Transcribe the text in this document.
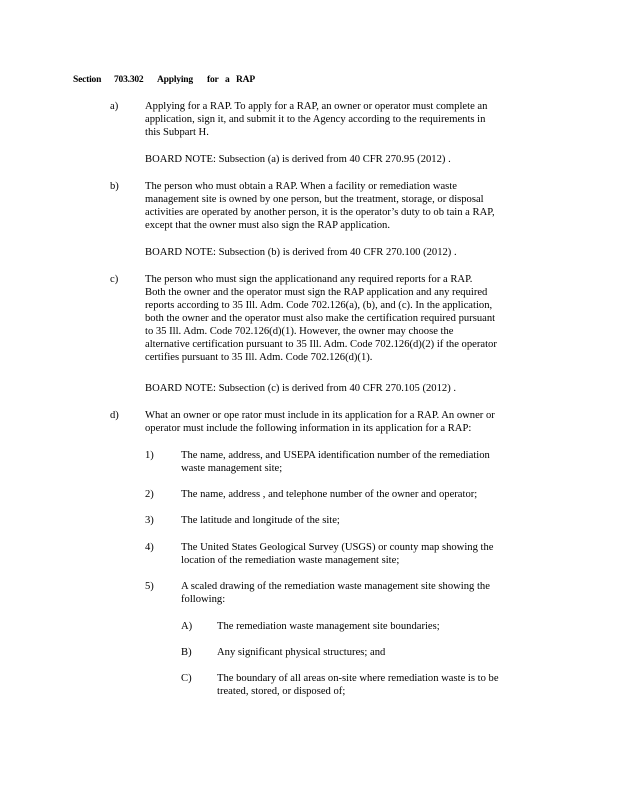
Section 703.302 Applying for a RAP
a)	Applying for a RAP. To apply for a RAP, an owner or operator must complete an
application, sign it, and submit it to the Agency according to the requirements in
this Subpart H.
BOARD NOTE: Subsection (a) is derived from 40 CFR 270.95 (2012) .
b) The person who must obtain a RAP. When a facility or remediation waste
management site is owned by one person, but the treatment, storage, or disposal
activities are operated by another person, it is the operator’s duty to ob tain a RAP,
except that the owner must also sign the RAP application.
BOARD NOTE: Subsection (b) is derived from 40 CFR 270.100 (2012) .
c)	The person who must sign the applicationand any required reports for a RAP.
Both the owner and the operator must sign the RAP application and any required
reports according to 35 Ill. Adm. Code 702.126(a), (b), and (c). In the application,
both the owner and the operator must also make the certification required pursuant
to 35 Ill. Adm. Code 702.126(d)(1). However, the owner may choose the
alternative certification pursuant to 35 Ill. Adm. Code 702.126(d)(2) if the operator
certifies pursuant to 35 Ill. Adm. Code 702.126(d)(1).
BOARD NOTE: Subsection (c) is derived from 40 CFR 270.105 (2012) .
d) What an owner or ope rator must include in its application for a RAP. An owner or
operator must include the following information in its application for a RAP:
1)	The name, address, and USEPA identification number of the remediation
waste management site;
2)	The name, address , and telephone number of the owner and operator;
3)	The latitude and longitude of the site;
4)	The United States Geological Survey (USGS) or county map showing the
location of the remediation waste management site;
5)	A scaled drawing of the remediation waste management site showing the
following:
A) The remediation waste management site boundaries;
B) Any significant physical structures; and
C) The boundary of all areas on-site where remediation waste is to be
treated, stored, or disposed of;
